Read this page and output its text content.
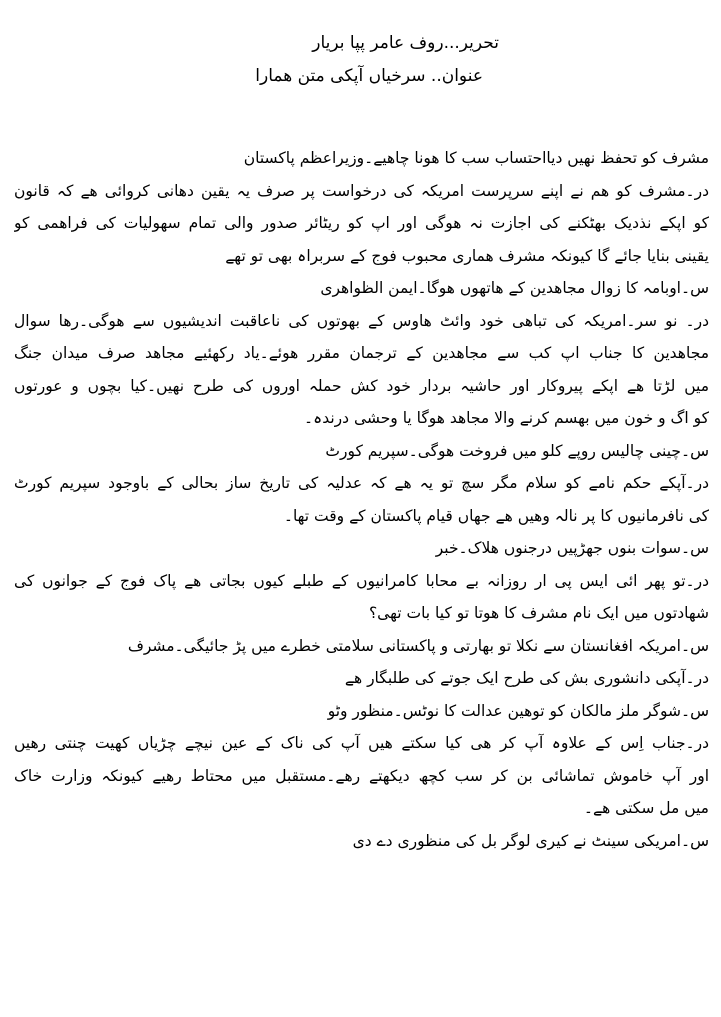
تحریر...روف عامر پپا بریار
عنوان.. سرخیاں آپکی متن ھمارا
مشرف کو تحفظ نھیں دیااحتساب سب کا ھونا چاھیے۔وزیراعظم پاکستان
در۔مشرف کو ھم نے اپنے سرپرست امریکہ کی درخواست پر صرف یہ یقین دھانی کروائی ھے کہ قانون
کو اپکے نذدیک بھٹکنے کی اجازت نہ ھوگی اور اپ کو ریٹائر صدور والی تمام سھولیات کی فراھمی کو
یقینی بنایا جائے گا کیونکہ مشرف ھماری محبوب فوج کے سربراہ بھی تو تھے
س۔اوبامہ کا زوال مجاھدین کے ھاتھوں ھوگا۔ایمن الظواھری
در۔ نو سر۔امریکہ کی تباھی خود وائٹ ھاوس کے بھوتوں کی ناعاقبت اندیشیوں سے ھوگی۔رھا سوال
مجاھدین کا جناب اپ کب سے مجاھدین کے ترجمان مقرر ھوئے۔یاد رکھئیے مجاھد صرف میدان جنگ
میں لڑتا ھے اپکے پیروکار اور حاشیہ بردار خود کش حملہ اوروں کی طرح نھیں۔کیا بچوں و عورتوں
کو اگ و خون میں بھسم کرنے والا مجاھد ھوگا یا وحشی درندہ۔
س۔چینی چالیس روپے کلو میں فروخت ھوگی۔سپریم کورٹ
در۔آپکے حکم نامے کو سلام مگر سچ تو یہ ھے کہ عدلیہ کی تاریخ ساز بحالی کے باوجود سپریم کورٹ
کی نافرمانیوں کا پر نالہ وھیں ھے جھاں قیام پاکستان کے وقت تھا۔
س۔سوات بنوں جھڑپیں درجنوں ھلاک۔خبر
در۔تو پھر ائی ایس پی ار روزانہ بے محابا کامرانیوں کے طبلے کیوں بجاتی ھے پاک فوج کے جوانوں کی
شھادتوں میں ایک نام مشرف کا ھوتا تو کیا بات تھی؟
س۔امریکہ افغانستان سے نکلا تو بھارتی و پاکستانی سلامتی خطرے میں پڑ جائیگی۔مشرف
در۔آپکی دانشوری بش کی طرح ایک جوتے کی طلبگار ھے
س۔شوگر ملز مالکان کو توھین عدالت کا نوٹس۔منظور وٹو
در۔جناب اِس کے علاوہ آپ کر ھی کیا سکتے ھیں آپ کی ناک کے عین نیچے چڑیاں کھیت چنتی رھیں
اور آپ خاموش تماشائی بن کر سب کچھ دیکھتے رھے۔مستقبل میں محتاط رھیے کیونکہ وزارت خاک
میں مل سکتی ھے۔
س۔امریکی سینٹ نے کیری لوگر بل کی منظوری دے دی
